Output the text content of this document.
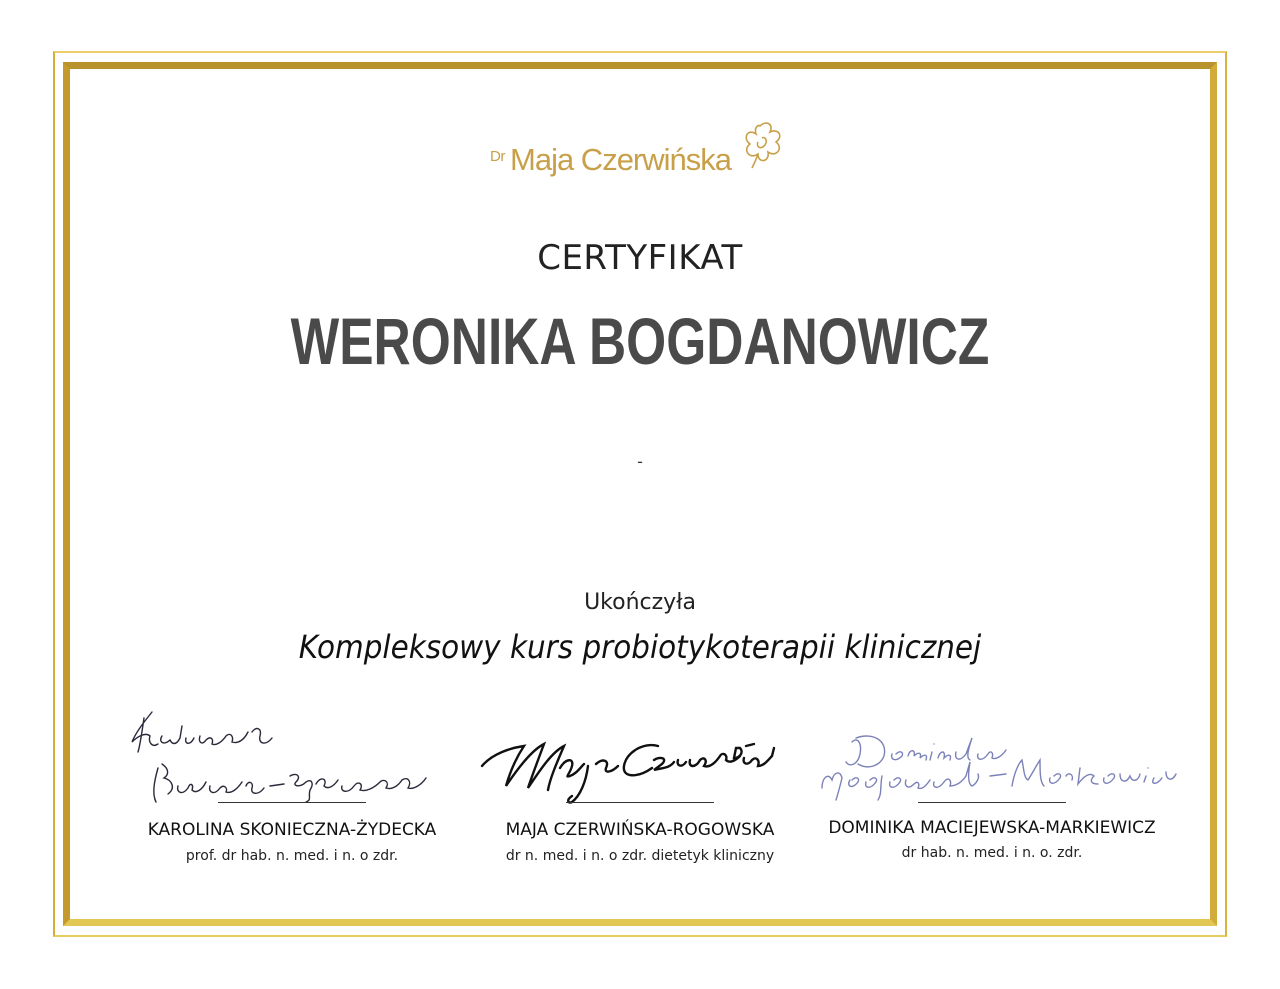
Dr Maja Czerwińska
CERTYFIKAT
WERONIKA BOGDANOWICZ
-
Ukończyła
Kompleksowy kurs probiotykoterapii klinicznej
KAROLINA SKONIECZNA-ŻYDECKA
prof. dr hab. n. med. i n. o zdr.
MAJA CZERWIŃSKA-ROGOWSKA
dr n. med. i n. o zdr. dietetyk kliniczny
DOMINIKA MACIEJEWSKA-MARKIEWICZ
dr hab. n. med. i n. o. zdr.
